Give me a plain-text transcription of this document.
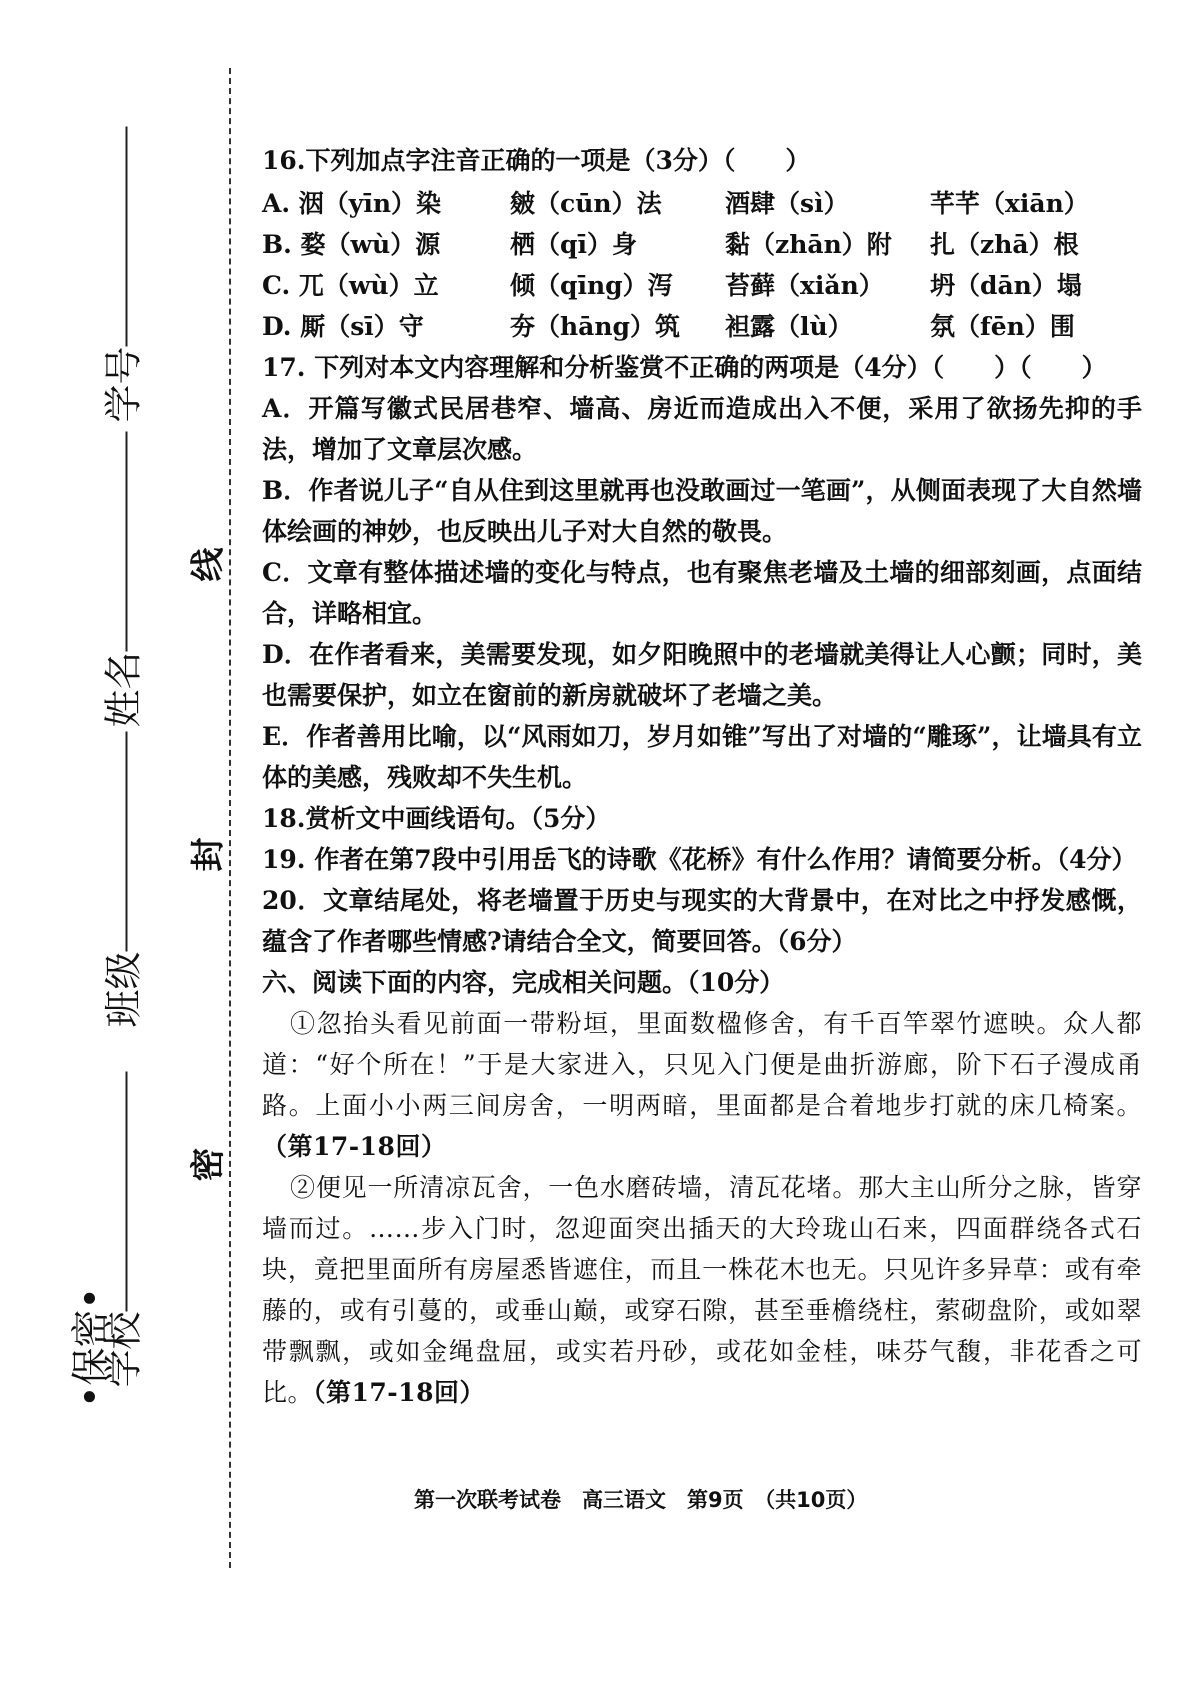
•保密•
学校
班级
姓名
学号
密
封
线

16.下列加点字注音正确的一项是（3分）（　　）

A. 洇（yīn）染	皴（cūn）法	酒肆（sì）	芊芊（xiān）
B. 婺（wù）源	栖（qī）身	黏（zhān）附	扎（zhā）根
C. 兀（wù）立	倾（qīng）泻	苔藓（xiǎn）	坍（dān）塌
D. 厮（sī）守	夯（hāng）筑	袒露（lù）	氛（fēn）围

17. 下列对本文内容理解和分析鉴赏不正确的两项是（4分）（　　）（　　）

A．开篇写徽式民居巷窄、墙高、房近而造成出入不便，采用了欲扬先抑的手法，增加了文章层次感。

B．作者说儿子“自从住到这里就再也没敢画过一笔画”，从侧面表现了大自然墙体绘画的神妙，也反映出儿子对大自然的敬畏。

C．文章有整体描述墙的变化与特点，也有聚焦老墙及土墙的细部刻画，点面结合，详略相宜。

D．在作者看来，美需要发现，如夕阳晚照中的老墙就美得让人心颤；同时，美也需要保护，如立在窗前的新房就破坏了老墙之美。

E．作者善用比喻，以“风雨如刀，岁月如锥”写出了对墙的“雕琢”，让墙具有立体的美感，残败却不失生机。

18.赏析文中画线语句。（5分）

19. 作者在第7段中引用岳飞的诗歌《花桥》有什么作用？请简要分析。（4分）

20．文章结尾处，将老墙置于历史与现实的大背景中，在对比之中抒发感慨，蕴含了作者哪些情感?请结合全文，简要回答。（6分）

六、阅读下面的内容，完成相关问题。（10分）

①忽抬头看见前面一带粉垣，里面数楹修舍，有千百竿翠竹遮映。众人都道：“好个所在！”于是大家进入，只见入门便是曲折游廊，阶下石子漫成甬路。上面小小两三间房舍，一明两暗，里面都是合着地步打就的床几椅案。（第17-18回）

②便见一所清凉瓦舍，一色水磨砖墙，清瓦花堵。那大主山所分之脉，皆穿墙而过。……步入门时，忽迎面突出插天的大玲珑山石来，四面群绕各式石块，竟把里面所有房屋悉皆遮住，而且一株花木也无。只见许多异草：或有牵藤的，或有引蔓的，或垂山巅，或穿石隙，甚至垂檐绕柱，萦砌盘阶，或如翠带飘飘，或如金绳盘屈，或实若丹砂，或花如金桂，味芬气馥，非花香之可比。（第17-18回）

第一次联考试卷　高三语文　第9页　（共10页）
